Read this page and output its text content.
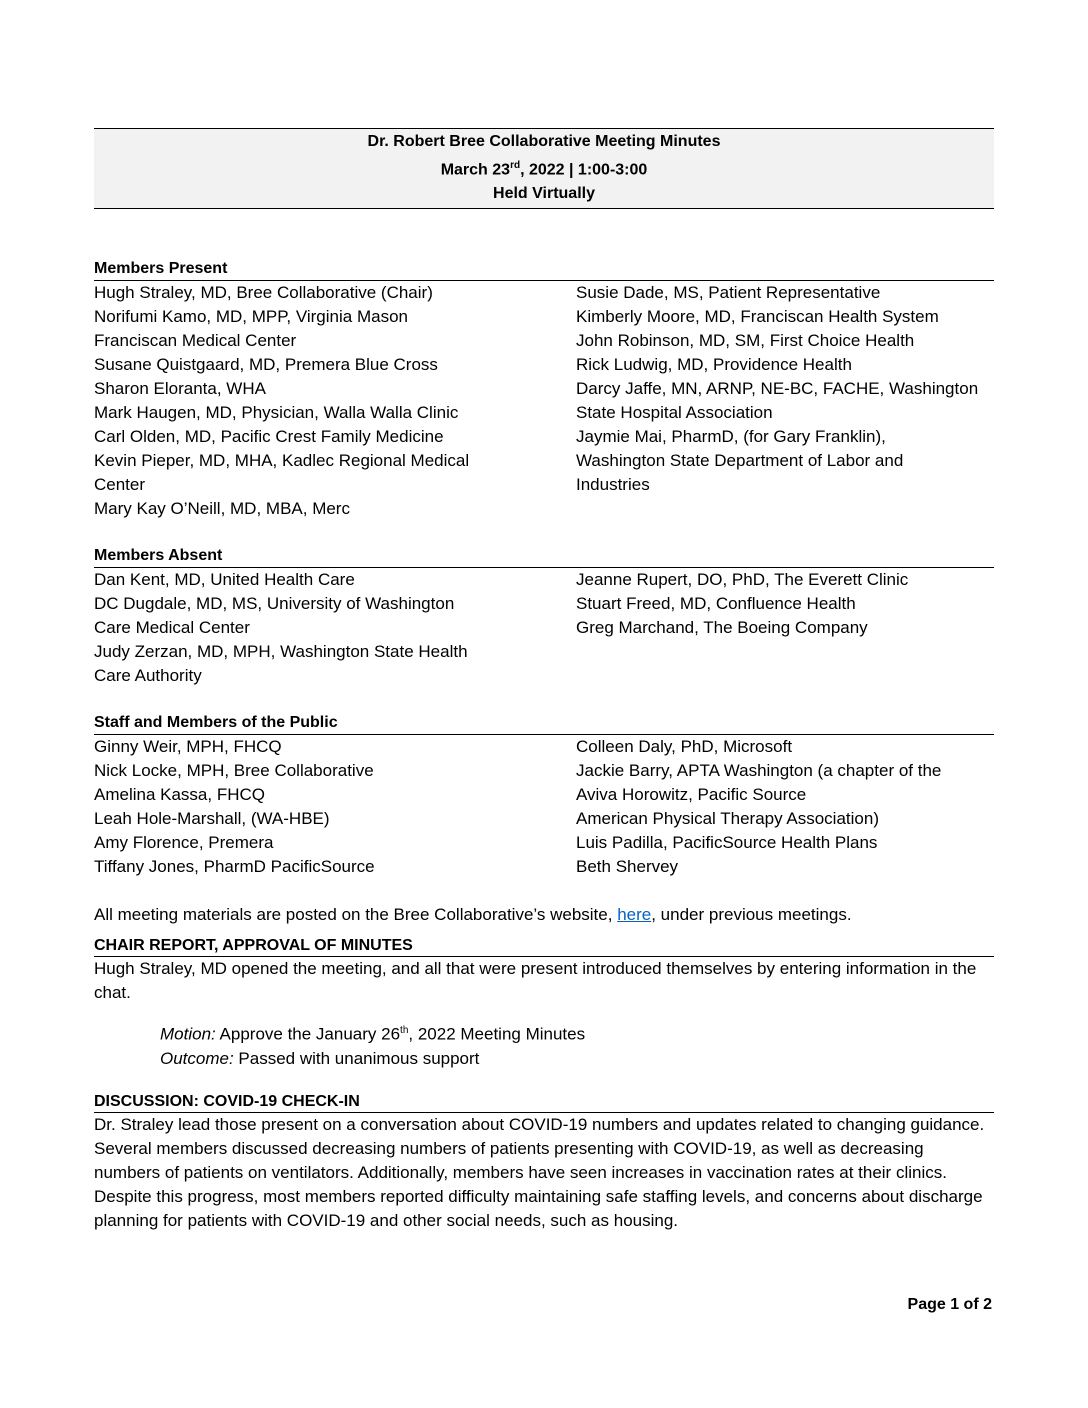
Dr. Robert Bree Collaborative Meeting Minutes
March 23rd, 2022 | 1:00-3:00
Held Virtually
Members Present
Hugh Straley, MD, Bree Collaborative (Chair)
Norifumi Kamo, MD, MPP, Virginia Mason
Franciscan Medical Center
Susane Quistgaard, MD, Premera Blue Cross
Sharon Eloranta, WHA
Mark Haugen, MD, Physician, Walla Walla Clinic
Carl Olden, MD, Pacific Crest Family Medicine
Kevin Pieper, MD, MHA, Kadlec Regional Medical
Center
Mary Kay O’Neill, MD, MBA, Merc
Susie Dade, MS, Patient Representative
Kimberly Moore, MD, Franciscan Health System
John Robinson, MD, SM, First Choice Health
Rick Ludwig, MD, Providence Health
Darcy Jaffe, MN, ARNP, NE-BC, FACHE, Washington
State Hospital Association
Jaymie Mai, PharmD, (for Gary Franklin),
Washington State Department of Labor and
Industries
Members Absent
Dan Kent, MD, United Health Care
DC Dugdale, MD, MS, University of Washington
Care Medical Center
Judy Zerzan, MD, MPH, Washington State Health
Care Authority
Jeanne Rupert, DO, PhD, The Everett Clinic
Stuart Freed, MD, Confluence Health
Greg Marchand, The Boeing Company
Staff and Members of the Public
Ginny Weir, MPH, FHCQ
Nick Locke, MPH, Bree Collaborative
Amelina Kassa, FHCQ
Leah Hole-Marshall, (WA-HBE)
Amy Florence, Premera
Tiffany Jones, PharmD PacificSource
Colleen Daly, PhD, Microsoft
Jackie Barry, APTA Washington (a chapter of the
Aviva Horowitz, Pacific Source
American Physical Therapy Association)
Luis Padilla, PacificSource Health Plans
Beth Shervey
All meeting materials are posted on the Bree Collaborative’s website, here, under previous meetings.
CHAIR REPORT, APPROVAL OF MINUTES
Hugh Straley, MD opened the meeting, and all that were present introduced themselves by entering information in the chat.
Motion: Approve the January 26th, 2022 Meeting Minutes
Outcome: Passed with unanimous support
DISCUSSION: COVID-19 CHECK-IN
Dr. Straley lead those present on a conversation about COVID-19 numbers and updates related to changing guidance. Several members discussed decreasing numbers of patients presenting with COVID-19, as well as decreasing numbers of patients on ventilators. Additionally, members have seen increases in vaccination rates at their clinics. Despite this progress, most members reported difficulty maintaining safe staffing levels, and concerns about discharge planning for patients with COVID-19 and other social needs, such as housing.
Page 1 of 2
